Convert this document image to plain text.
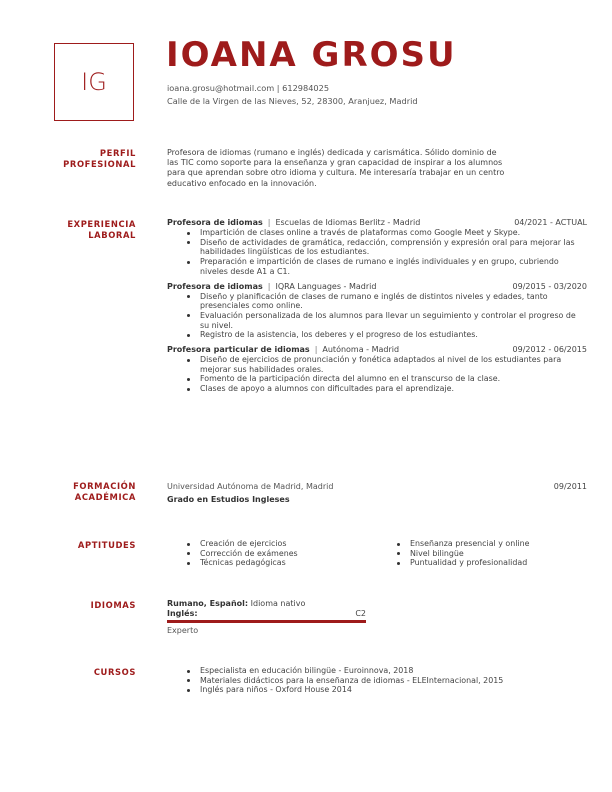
IG
IOANA GROSU
ioana.grosu@hotmail.com | 612984025
Calle de la Virgen de las Nieves, 52, 28300, Aranjuez, Madrid
PERFIL
PROFESIONAL
Profesora de idiomas (rumano e inglés) dedicada y carismática. Sólido dominio de
las TIC como soporte para la enseñanza y gran capacidad de inspirar a los alumnos
para que aprendan sobre otro idioma y cultura. Me interesaría trabajar en un centro
educativo enfocado en la innovación.
EXPERIENCIA
LABORAL
Profesora de idiomas | Escuelas de Idiomas Berlitz - Madrid	04/2021 - ACTUAL
Impartición de clases online a través de plataformas como Google Meet y Skype.
Diseño de actividades de gramática, redacción, comprensión y expresión oral para mejorar las habilidades lingüísticas de los estudiantes.
Preparación e impartición de clases de rumano e inglés individuales y en grupo, cubriendo niveles desde A1 a C1.
Profesora de idiomas | IQRA Languages - Madrid	09/2015 - 03/2020
Diseño y planificación de clases de rumano e inglés de distintos niveles y edades, tanto presenciales como online.
Evaluación personalizada de los alumnos para llevar un seguimiento y controlar el progreso de su nivel.
Registro de la asistencia, los deberes y el progreso de los estudiantes.
Profesora particular de idiomas | Autónoma - Madrid	09/2012 - 06/2015
Diseño de ejercicios de pronunciación y fonética adaptados al nivel de los estudiantes para mejorar sus habilidades orales.
Fomento de la participación directa del alumno en el transcurso de la clase.
Clases de apoyo a alumnos con dificultades para el aprendizaje.
FORMACIÓN
ACADÉMICA
Universidad Autónoma de Madrid, Madrid	09/2011
Grado en Estudios Ingleses
APTITUDES	Creación de ejercicios
Corrección de exámenes
Técnicas pedagógicas
Enseñanza presencial y online
Nivel bilingüe
Puntualidad y profesionalidad
IDIOMAS	Rumano, Español: Idioma nativo
Inglés:	C2
Experto
CURSOS	Especialista en educación bilingüe - Euroinnova, 2018
Materiales didácticos para la enseñanza de idiomas - ELEInternacional, 2015
Inglés para niños - Oxford House 2014
